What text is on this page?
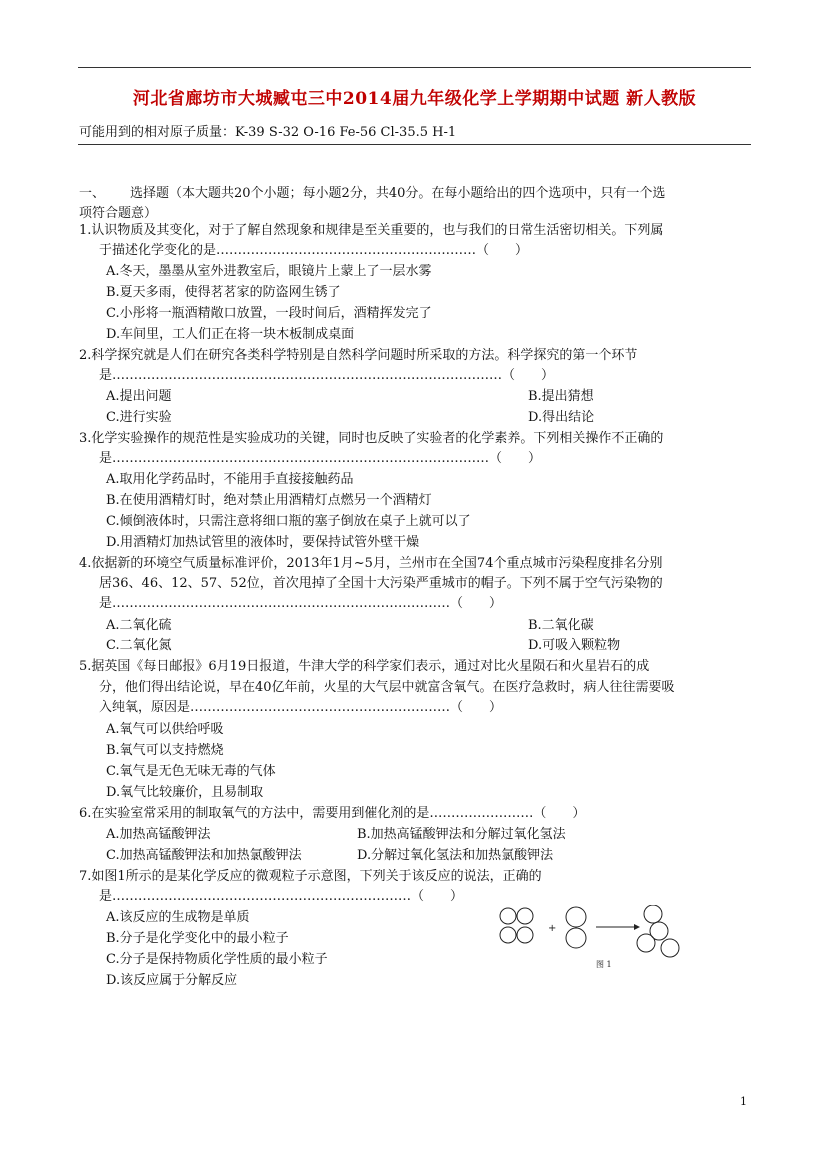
河北省廊坊市大城臧屯三中2014届九年级化学上学期期中试题 新人教版
可能用到的相对原子质量：K-39 S-32 O-16 Fe-56 Cl-35.5 H-1
一、 选择题（本大题共20个小题；每小题2分，共40分。在每小题给出的四个选项中，只有一个选
项符合题意）
1.认识物质及其变化，对于了解自然现象和规律是至关重要的，也与我们的日常生活密切相关。下列属
于描述化学变化的是……………………………………………………（　　）
A.冬天，墨墨从室外进教室后，眼镜片上蒙上了一层水雾
B.夏天多雨，使得茗茗家的防盗网生锈了
C.小彤将一瓶酒精敞口放置，一段时间后，酒精挥发完了
D.车间里，工人们正在将一块木板制成桌面
2.科学探究就是人们在研究各类科学特别是自然科学问题时所采取的方法。科学探究的第一个环节
是………………………………………………………………………………（　　）
A.提出问题	B.提出猜想
C.进行实验	D.得出结论
3.化学实验操作的规范性是实验成功的关键，同时也反映了实验者的化学素养。下列相关操作不正确的
是……………………………………………………………………………（　　）
A.取用化学药品时，不能用手直接接触药品
B.在使用酒精灯时，绝对禁止用酒精灯点燃另一个酒精灯
C.倾倒液体时，只需注意将细口瓶的塞子倒放在桌子上就可以了
D.用酒精灯加热试管里的液体时，要保持试管外壁干燥
4.依据新的环境空气质量标准评价，2013年1月~5月，兰州市在全国74个重点城市污染程度排名分别
居36、46、12、57、52位，首次甩掉了全国十大污染严重城市的帽子。下列不属于空气污染物的
是……………………………………………………………………（　　）
A.二氧化硫	B.二氧化碳
C.二氧化氮	D.可吸入颗粒物
5.据英国《每日邮报》6月19日报道，牛津大学的科学家们表示，通过对比火星陨石和火星岩石的成
分，他们得出结论说，早在40亿年前，火星的大气层中就富含氧气。在医疗急救时，病人往往需要吸
入纯氧，原因是……………………………………………………（　　）
A.氧气可以供给呼吸
B.氧气可以支持燃烧
C.氧气是无色无味无毒的气体
D.氧气比较廉价，且易制取
6.在实验室常采用的制取氧气的方法中，需要用到催化剂的是……………………（　　）
A.加热高锰酸钾法	B.加热高锰酸钾法和分解过氧化氢法
C.加热高锰酸钾法和加热氯酸钾法	D.分解过氧化氢法和加热氯酸钾法
7.如图1所示的是某化学反应的微观粒子示意图，下列关于该反应的说法，正确的
是……………………………………………………………（　　）
A.该反应的生成物是单质
B.分子是化学变化中的最小粒子
C.分子是保持物质化学性质的最小粒子
D.该反应属于分解反应
+
图 1
1
